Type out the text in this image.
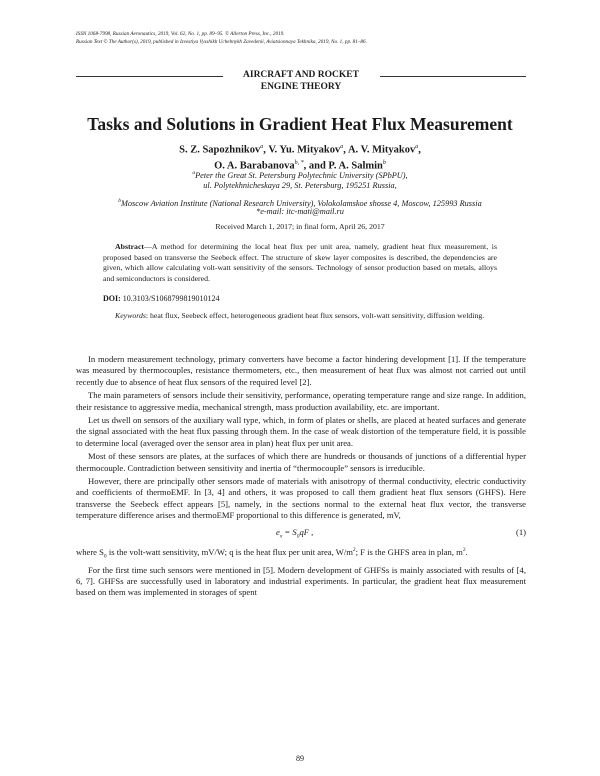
ISSN 1068-7998, Russian Aeronautics, 2019, Vol. 62, No. 1, pp. 89–95. © Allerton Press, Inc., 2019.
Russian Text © The Author(s), 2019, published in Izvestiya Vysshikh Uchebnykh Zavedenii, Aviatsionnaya Tekhnika, 2019, No. 1, pp. 81–86.
AIRCRAFT AND ROCKET
ENGINE THEORY
Tasks and Solutions in Gradient Heat Flux Measurement
S. Z. Sapozhnikov$^a$, V. Yu. Mityakov$^a$, A. V. Mityakov$^a$,
O. A. Barabanova$^{b, *}$, and P. A. Salmin$^b$
$^a$Peter the Great St. Petersburg Polytechnic University (SPbPU),
ul. Polytekhnicheskaya 29, St. Petersburg, 195251 Russia,
$^b$Moscow Aviation Institute (National Research University), Volokolamskoe shosse 4, Moscow, 125993 Russia
*e-mail: itc-mati@mail.ru
Received March 1, 2017; in final form, April 26, 2017
Abstract—A method for determining the local heat flux per unit area, namely, gradient heat flux measurement, is proposed based on transverse the Seebeck effect. The structure of skew layer composites is described, the dependencies are given, which allow calculating volt-watt sensitivity of the sensors. Technology of sensor production based on metals, alloys and semiconductors is considered.
DOI: 10.3103/S1068799819010124
Keywords: heat flux, Seebeck effect, heterogeneous gradient heat flux sensors, volt-watt sensitivity, diffusion welding.

In modern measurement technology, primary converters have become a factor hindering development [1]. If the temperature was measured by thermocouples, resistance thermometers, etc., then measurement of heat flux was almost not carried out until recently due to absence of heat flux sensors of the required level [2].

The main parameters of sensors include their sensitivity, performance, operating temperature range and size range. In addition, their resistance to aggressive media, mechanical strength, mass production availability, etc. are important.

Let us dwell on sensors of the auxiliary wall type, which, in form of plates or shells, are placed at heated surfaces and generate the signal associated with the heat flux passing through them. In the case of weak distortion of the temperature field, it is possible to determine local (averaged over the sensor area in plan) heat flux per unit area.

Most of these sensors are plates, at the surfaces of which there are hundreds or thousands of junctions of a differential hyper thermocouple. Contradiction between sensitivity and inertia of “thermocouple” sensors is irreducible.

However, there are principally other sensors made of materials with anisotropy of thermal conductivity, electric conductivity and coefficients of thermoEMF. In [3, 4] and others, it was proposed to call them gradient heat flux sensors (GHFS). Here transverse the Seebeck effect appears [5], namely, in the sections normal to the external heat flux vector, the transverse temperature difference arises and thermoEMF proportional to this difference is generated, mV,

$e_x = S_0qF$ ,	(1)

where $S_0$ is the volt-watt sensitivity, mV/W; q is the heat flux per unit area, $W/m^2$; F is the GHFS area in plan, $m^2$.

For the first time such sensors were mentioned in [5]. Modern development of GHFSs is mainly associated with results of [4, 6, 7]. GHFSs are successfully used in laboratory and industrial experiments. In particular, the gradient heat flux measurement based on them was implemented in storages of spent

89
